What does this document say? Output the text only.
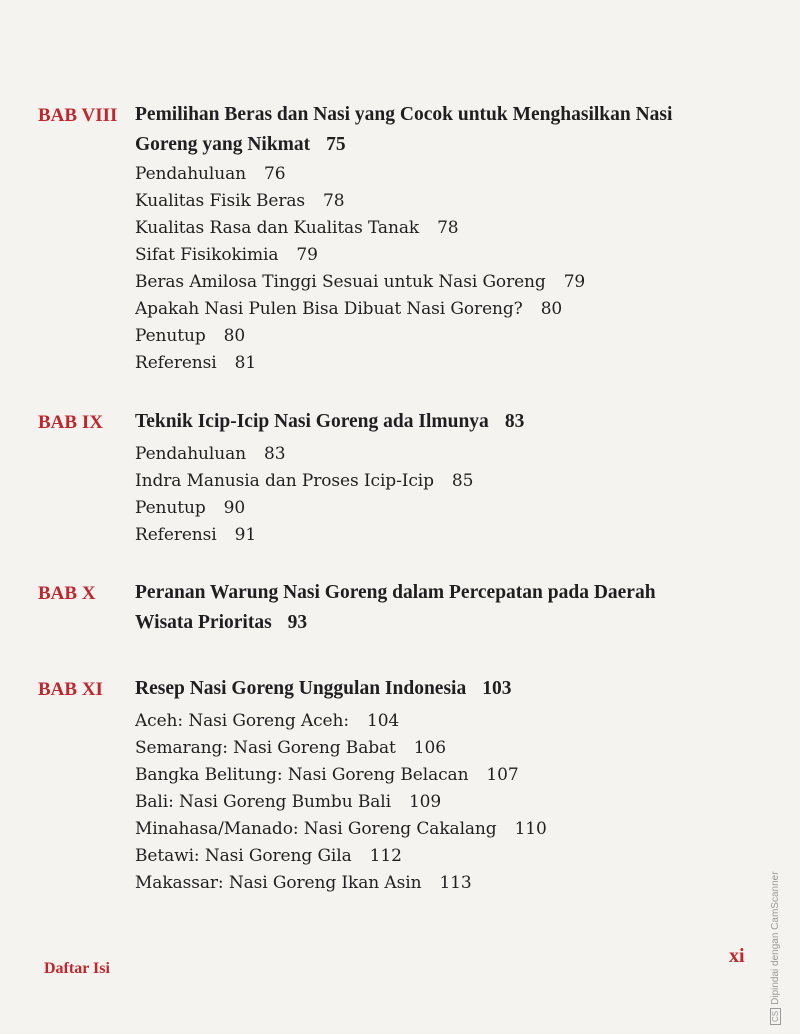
BAB VIII Pemilihan Beras dan Nasi yang Cocok untuk Menghasilkan Nasi Goreng yang Nikmat 75
Pendahuluan 76
Kualitas Fisik Beras 78
Kualitas Rasa dan Kualitas Tanak 78
Sifat Fisikokimia 79
Beras Amilosa Tinggi Sesuai untuk Nasi Goreng 79
Apakah Nasi Pulen Bisa Dibuat Nasi Goreng? 80
Penutup 80
Referensi 81
BAB IX Teknik Icip-Icip Nasi Goreng ada Ilmunya 83
Pendahuluan 83
Indra Manusia dan Proses Icip-Icip 85
Penutup 90
Referensi 91
BAB X Peranan Warung Nasi Goreng dalam Percepatan pada Daerah Wisata Prioritas 93
BAB XI Resep Nasi Goreng Unggulan Indonesia 103
Aceh: Nasi Goreng Aceh: 104
Semarang: Nasi Goreng Babat 106
Bangka Belitung: Nasi Goreng Belacan 107
Bali: Nasi Goreng Bumbu Bali 109
Minahasa/Manado: Nasi Goreng Cakalang 110
Betawi: Nasi Goreng Gila 112
Makassar: Nasi Goreng Ikan Asin 113
Daftar Isi
xi
CSDipindai dengan CamScanner
